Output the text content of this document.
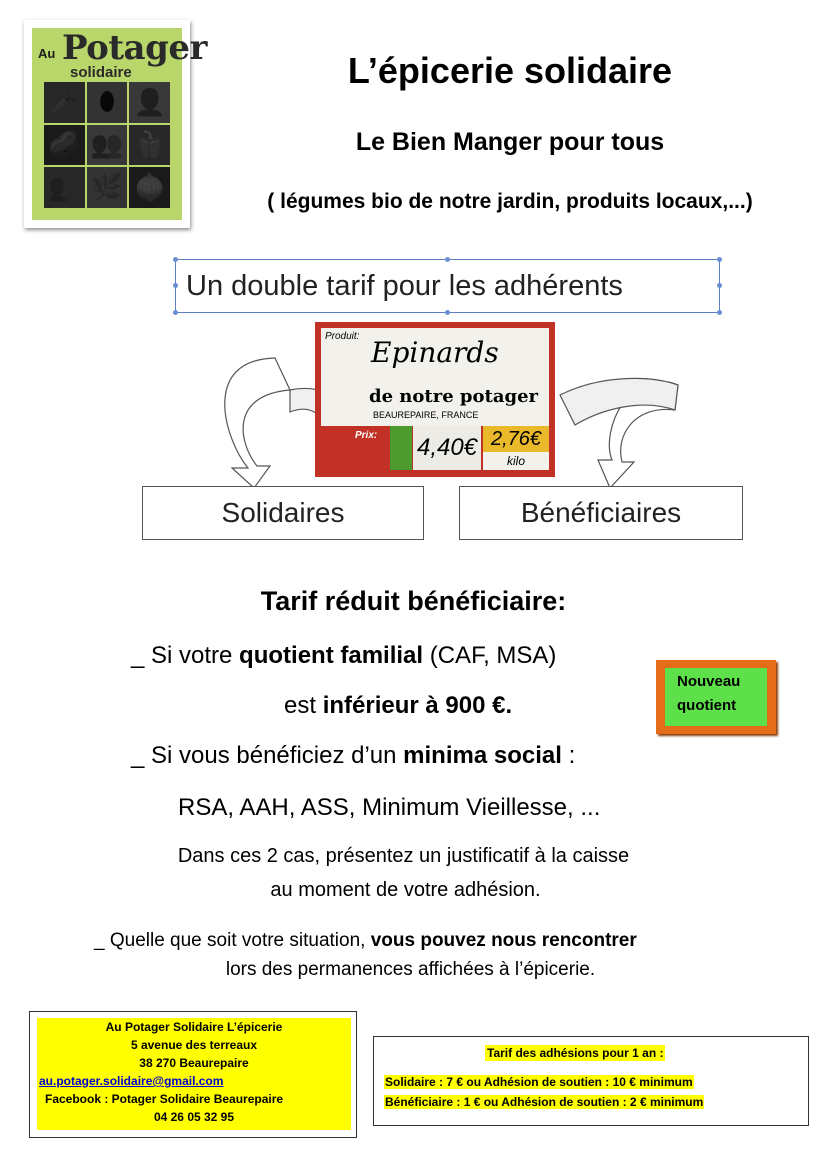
Au Potager
solidaire
🥕 ⬮ 👤
🥔 👥 🫑
👥 🌿 🧅
L’épicerie solidaire
Le Bien Manger pour tous
( légumes bio de notre jardin, produits locaux,...)
Un double tarif pour les adhérents
Produit: Epinards
de notre potager
BEAUREPAIRE, FRANCE
Prix: 4,40€ 2,76€
kilo
Solidaires	Bénéficiaires
Tarif réduit bénéficiaire:
_ Si votre quotient familial (CAF, MSA)
est inférieur à 900 €.
_ Si vous bénéficiez d’un minima social :
RSA, AAH, ASS, Minimum Vieillesse, ...
Dans ces 2 cas, présentez un justificatif à la caisse
au moment de votre adhésion.
_ Quelle que soit votre situation, vous pouvez nous rencontrer
lors des permanences affichées à l’épicerie.
Nouveau
quotient
Au Potager Solidaire L’épicerie
5 avenue des terreaux
38 270 Beaurepaire
au.potager.solidaire@gmail.com
Facebook : Potager Solidaire Beaurepaire
04 26 05 32 95
Tarif des adhésions pour 1 an :
Solidaire : 7 € ou Adhésion de soutien : 10 € minimum
Bénéficiaire : 1 € ou Adhésion de soutien : 2 € minimum
